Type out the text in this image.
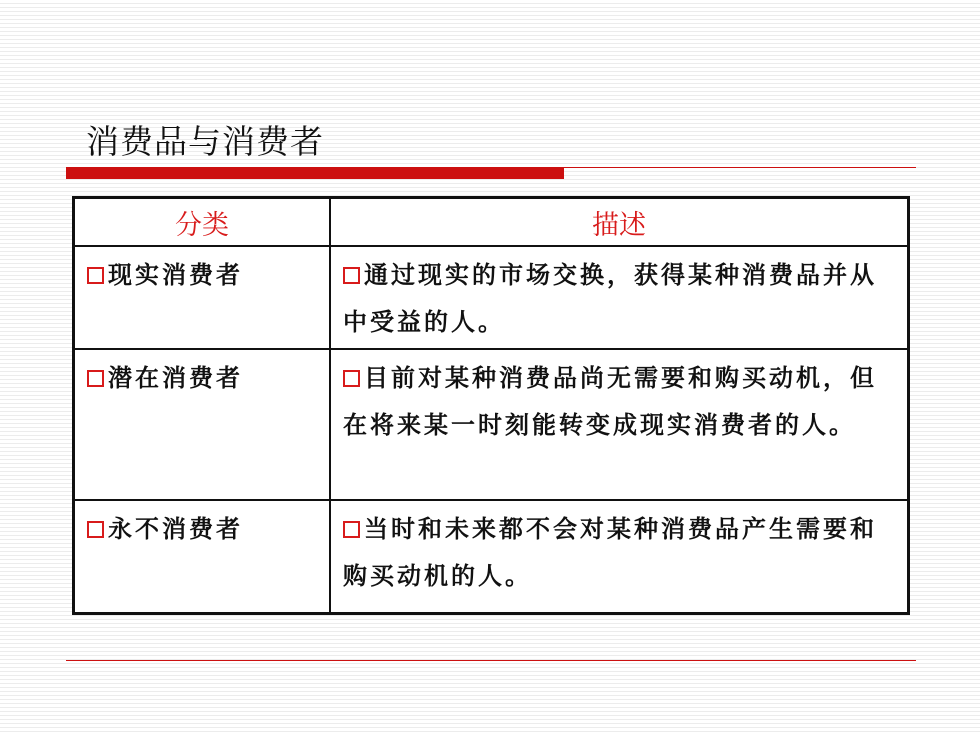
消费品与消费者
分类	描述
现实消费者	通过现实的市场交换，获得某种消费品并从中受益的人。
潜在消费者	目前对某种消费品尚无需要和购买动机，但在将来某一时刻能转变成现实消费者的人。
永不消费者	当时和未来都不会对某种消费品产生需要和购买动机的人。
